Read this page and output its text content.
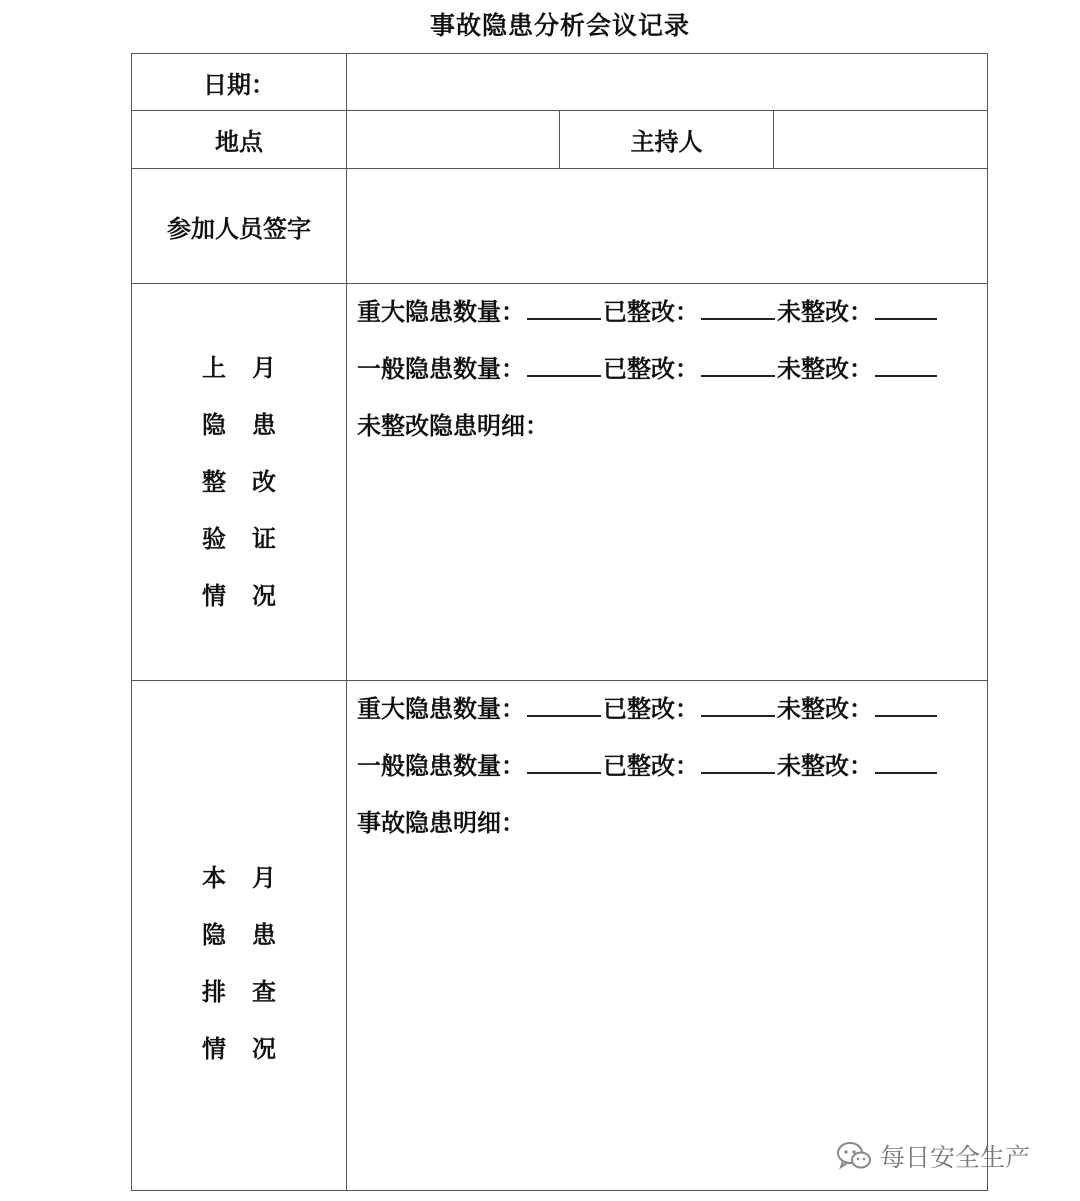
事故隐患分析会议记录
日期：
地点	主持人
参加人员签字
上 月
隐 患
整 改
验 证
情 况
重大隐患数量：	已整改：	未整改：
一般隐患数量：	已整改：	未整改：
未整改隐患明细：
本 月
隐 患
排 查
情 况
重大隐患数量：	已整改：	未整改：
一般隐患数量：	已整改：	未整改：
事故隐患明细：
每日安全生产
